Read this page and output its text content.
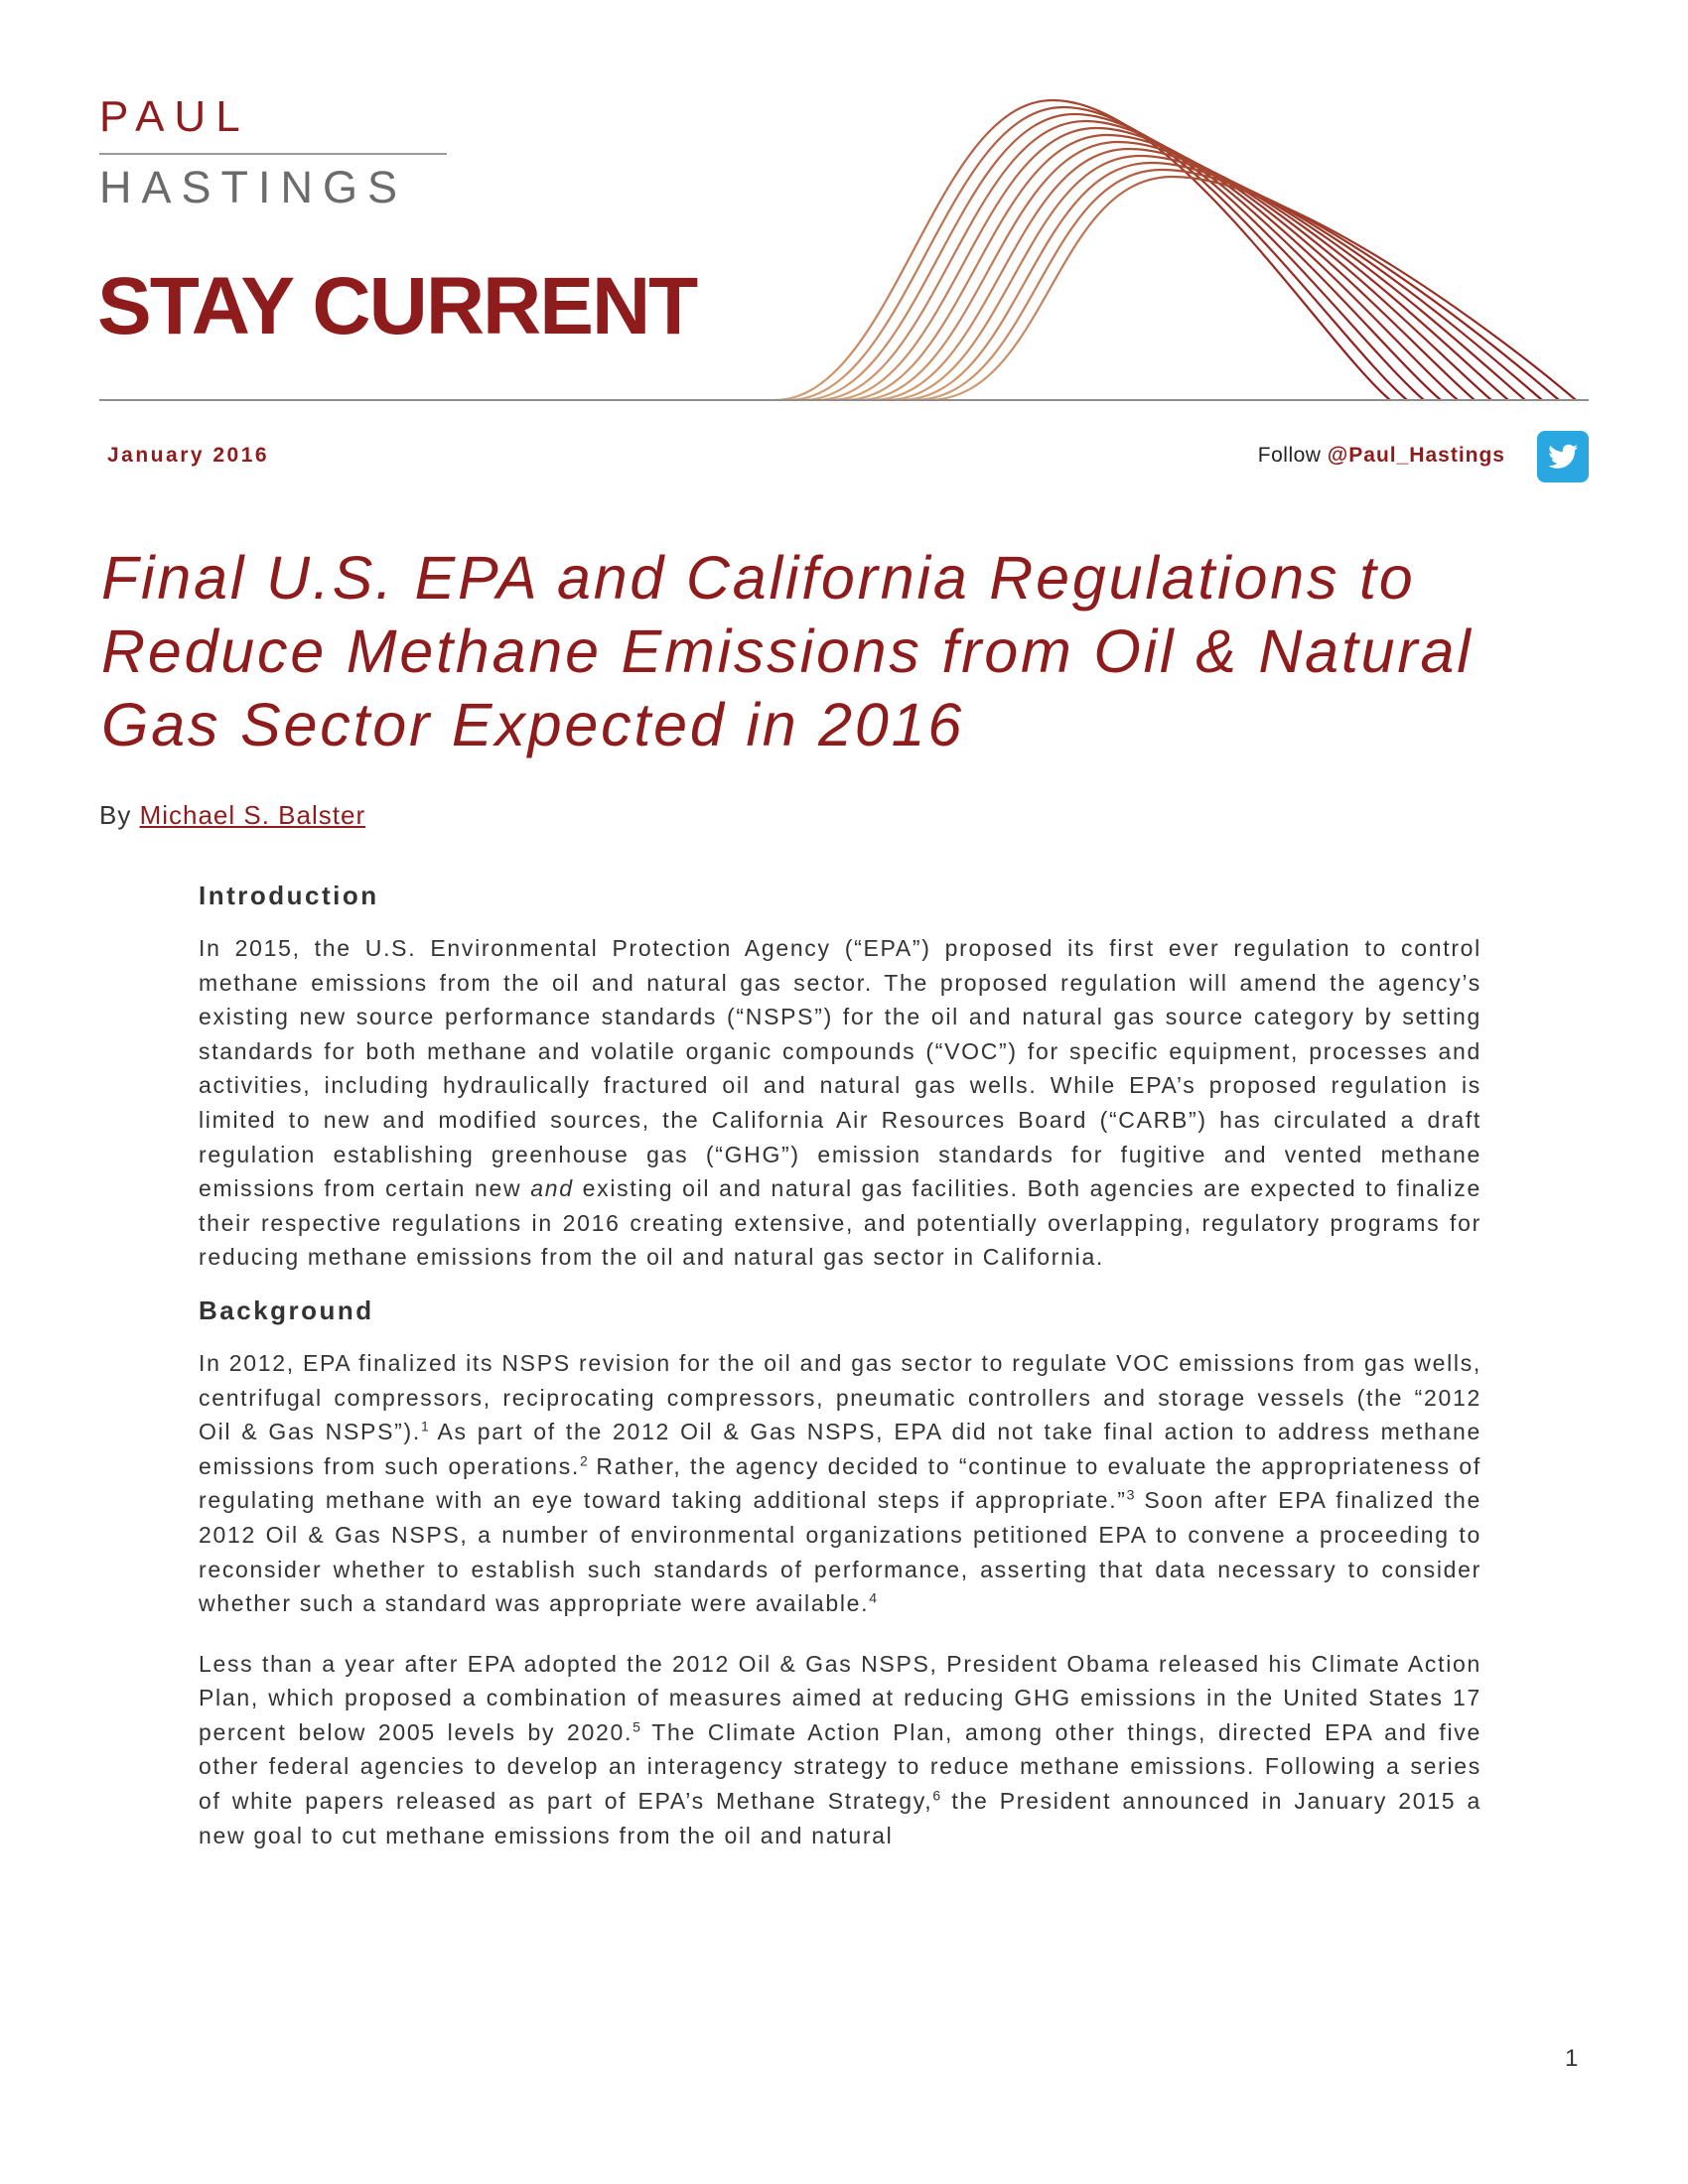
PAUL
HASTINGS
STAY CURRENT
January 2016	Follow @Paul_Hastings
Final U.S. EPA and California Regulations to Reduce Methane Emissions from Oil & Natural Gas Sector Expected in 2016
By Michael S. Balster
Introduction

In 2015, the U.S. Environmental Protection Agency (“EPA”) proposed its first ever regulation to control methane emissions from the oil and natural gas sector. The proposed regulation will amend the agency’s existing new source performance standards (“NSPS”) for the oil and natural gas source category by setting standards for both methane and volatile organic compounds (“VOC”) for specific equipment, processes and activities, including hydraulically fractured oil and natural gas wells. While EPA’s proposed regulation is limited to new and modified sources, the California Air Resources Board (“CARB”) has circulated a draft regulation establishing greenhouse gas (“GHG”) emission standards for fugitive and vented methane emissions from certain new and existing oil and natural gas facilities. Both agencies are expected to finalize their respective regulations in 2016 creating extensive, and potentially overlapping, regulatory programs for reducing methane emissions from the oil and natural gas sector in California.

Background

In 2012, EPA finalized its NSPS revision for the oil and gas sector to regulate VOC emissions from gas wells, centrifugal compressors, reciprocating compressors, pneumatic controllers and storage vessels (the “2012 Oil & Gas NSPS”).$^1$ As part of the 2012 Oil & Gas NSPS, EPA did not take final action to address methane emissions from such operations.$^2$ Rather, the agency decided to “continue to evaluate the appropriateness of regulating methane with an eye toward taking additional steps if appropriate.”$^3$ Soon after EPA finalized the 2012 Oil & Gas NSPS, a number of environmental organizations petitioned EPA to convene a proceeding to reconsider whether to establish such standards of performance, asserting that data necessary to consider whether such a standard was appropriate were available.$^4$

Less than a year after EPA adopted the 2012 Oil & Gas NSPS, President Obama released his Climate Action Plan, which proposed a combination of measures aimed at reducing GHG emissions in the United States 17 percent below 2005 levels by 2020.$^5$ The Climate Action Plan, among other things, directed EPA and five other federal agencies to develop an interagency strategy to reduce methane emissions. Following a series of white papers released as part of EPA’s Methane Strategy,$^6$ the President announced in January 2015 a new goal to cut methane emissions from the oil and natural

1
